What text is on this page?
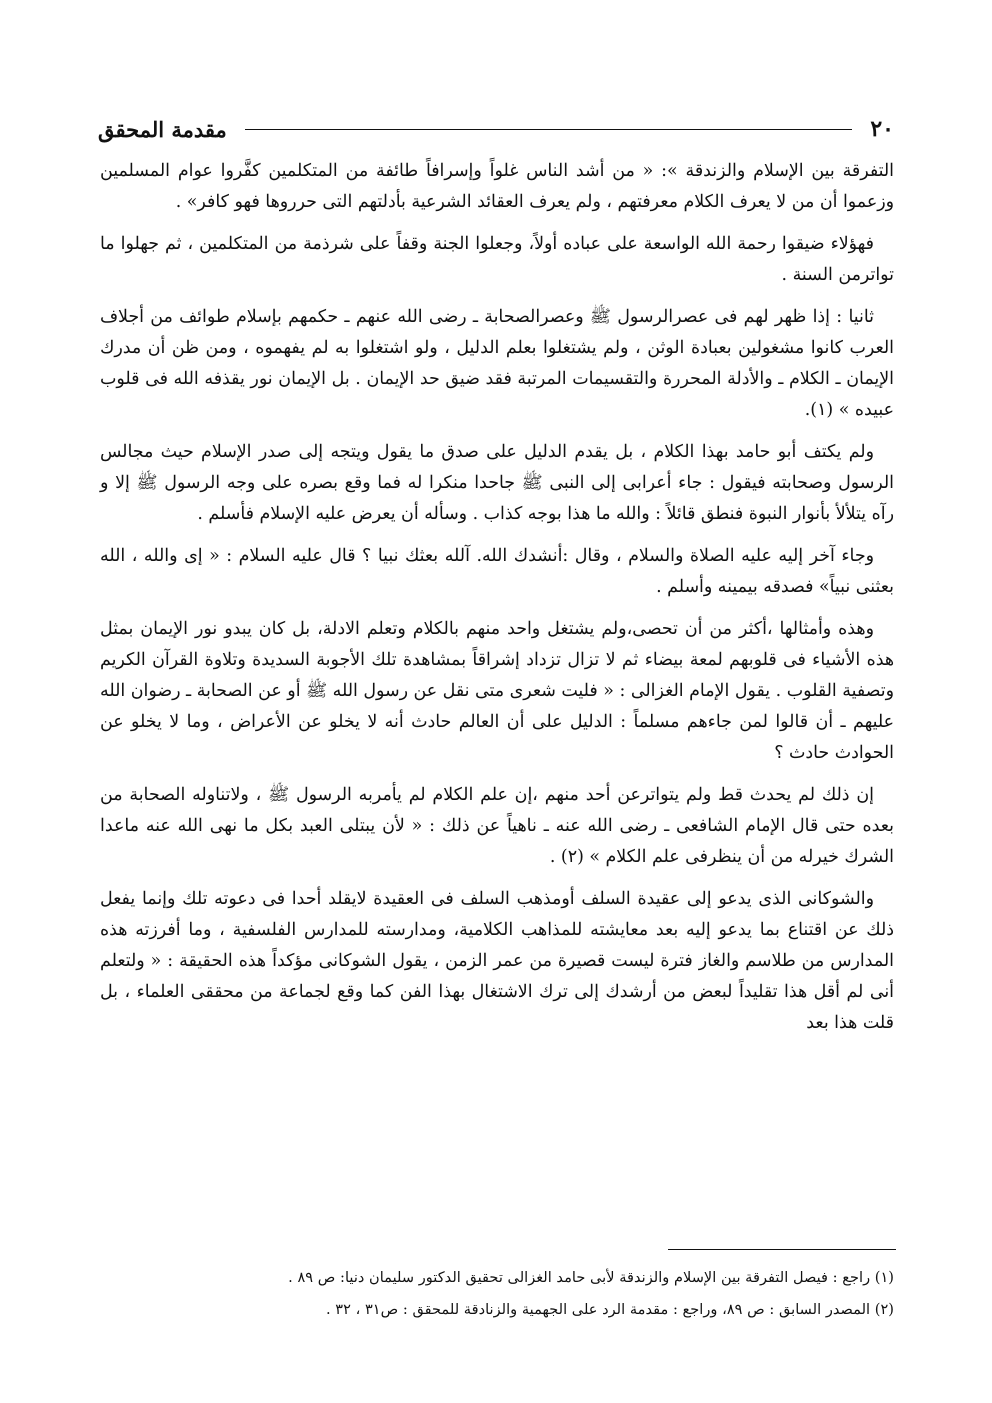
٢٠
مقدمة المحقق

التفرقة بين الإسلام والزندقة »: « من أشد الناس غلواً وإسرافاً طائفة من المتكلمين كفَّروا عوام المسلمين وزعموا أن من لا يعرف الكلام معرفتهم ، ولم يعرف العقائد الشرعية بأدلتهم التى حرروها فهو كافر» .

فهؤلاء ضيقوا رحمة الله الواسعة على عباده أولاً، وجعلوا الجنة وقفاً على شرذمة من المتكلمين ، ثم جهلوا ما تواترمن السنة .

ثانيا : إذا ظهر لهم فى عصرالرسول ﷺ وعصرالصحابة ـ رضى الله عنهم ـ حكمهم بإسلام طوائف من أجلاف العرب كانوا مشغولين بعبادة الوثن ، ولم يشتغلوا بعلم الدليل ، ولو اشتغلوا به لم يفهموه ، ومن ظن أن مدرك الإيمان ـ الكلام ـ والأدلة المحررة والتقسيمات المرتبة فقد ضيق حد الإيمان . بل الإيمان نور يقذفه الله فى قلوب عبيده » (١).

ولم يكتف أبو حامد بهذا الكلام ، بل يقدم الدليل على صدق ما يقول ويتجه إلى صدر الإسلام حيث مجالس الرسول وصحابته فيقول : جاء أعرابى إلى النبى ﷺ جاحدا منكرا له فما وقع بصره على وجه الرسول ﷺ إلا و رآه يتلألأ بأنوار النبوة فنطق قائلاً : والله ما هذا بوجه كذاب . وسأله أن يعرض عليه الإسلام فأسلم .

وجاء آخر إليه عليه الصلاة والسلام ، وقال :أنشدك الله. آلله بعثك نبيا ؟ قال عليه السلام : « إى والله ، الله بعثنى نبياً» فصدقه بيمينه وأسلم .

وهذه وأمثالها ،أكثر من أن تحصى،ولم يشتغل واحد منهم بالكلام وتعلم الادلة، بل كان يبدو نور الإيمان بمثل هذه الأشياء فى قلوبهم لمعة بيضاء ثم لا تزال تزداد إشراقاً بمشاهدة تلك الأجوبة السديدة وتلاوة القرآن الكريم وتصفية القلوب . يقول الإمام الغزالى : « فليت شعرى متى نقل عن رسول الله ﷺ أو عن الصحابة ـ رضوان الله عليهم ـ أن قالوا لمن جاءهم مسلماً : الدليل على أن العالم حادث أنه لا يخلو عن الأعراض ، وما لا يخلو عن الحوادث حادث ؟

إن ذلك لم يحدث قط ولم يتواترعن أحد منهم ،إن علم الكلام لم يأمربه الرسول ﷺ ، ولاتناوله الصحابة من بعده حتى قال الإمام الشافعى ـ رضى الله عنه ـ ناهياً عن ذلك : « لأن يبتلى العبد بكل ما نهى الله عنه ماعدا الشرك خيرله من أن ينظرفى علم الكلام » (٢) .

والشوكانى الذى يدعو إلى عقيدة السلف أومذهب السلف فى العقيدة لايقلد أحدا فى دعوته تلك وإنما يفعل ذلك عن اقتناع بما يدعو إليه بعد معايشته للمذاهب الكلامية، ومدارسته للمدارس الفلسفية ، وما أفرزته هذه المدارس من طلاسم والغاز فترة ليست قصيرة من عمر الزمن ، يقول الشوكانى مؤكداً هذه الحقيقة : « ولتعلم أنى لم أقل هذا تقليداً لبعض من أرشدك إلى ترك الاشتغال بهذا الفن كما وقع لجماعة من محققى العلماء ، بل قلت هذا بعد

(١) راجع : فيصل التفرقة بين الإسلام والزندقة لأبى حامد الغزالى تحقيق الدكتور سليمان دنيا: ص ٨٩ .
(٢) المصدر السابق : ص ٨٩، وراجع : مقدمة الرد على الجهمية والزنادقة للمحقق : ص٣١ ، ٣٢ .
